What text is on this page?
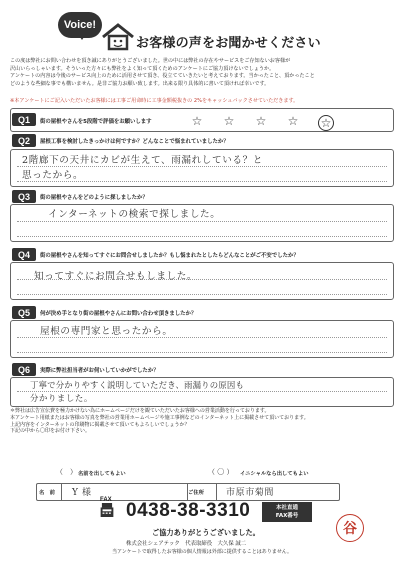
Voice!
お客様の声をお聞かせください
この度は弊社にお問い合わせを頂き誠にありがとうございました。世の中には弊社の存在やサービスをご存知ないお客様が
沢山いらっしゃいます。そういった方々にも弊社をよく知って頂くためのアンケートにご協力頂けないでしょうか。
アンケートの内容は今後のサービス向上のために活用させて頂き、役立てていきたいと考えております。当かったこと、頂かったこと
どのような些細な事でも構いません。是非ご協力お願い致します。出来る限り具体的に書いて頂ければ幸いです。
※本アンケートにご記入いただいたお客様には工事ご用命時に工事金額税抜きの 2%をキャッシュバックさせていただきます。
Q1	街の屋根やさんを5段階で評価をお願いします	☆ ☆ ☆ ☆ ☆
Q2	屋根工事を検討したきっかけは何ですか？どんなことで悩まれていましたか？
2階廊下の天井にカビが生えて、雨漏れしている？と
思ったから。
Q3	街の屋根やさんをどのように探しましたか？
インターネットの検索で探しました。
Q4	街の屋根やさんを知ってすぐにお問合せしましたか？もし悩まれたとしたらどんなことがご不安でしたか？
知ってすぐにお問合せもしました。
Q5	何が決め手となり街の屋根やさんにお問い合わせ頂きましたか？
屋根の専門家と思ったから。
Q6	実際に弊社担当者がお伺いしていかがでしたか？
丁寧で分かりやすく説明していただき、雨漏りの原因も
分かりました。
＊弊社は広告宣伝費を極力かけない為にホームページだけを観ていただいたお客様への営業活動を行っております。
本アンケート用紙またはお客様の写真を弊社の営業用ホームページや施工事例などのインターネット上に掲載させて頂いております。
上記内容をインターネットの印刷物に掲載させて頂いてもよろしいでしょうか？
下記の中から〇印をお付け下さい。
（　） 名前を出してもよい	（ 〇 ） イニシャルなら出してもよい
名　前 Y 様	ご住所 市原市菊間
FAX 0438-38-3310	本社直通
FAX番号
ご協力ありがとうございました。
株式会社シェアテック　代表取締役　大久保 誠二
当アンケートで取得したお客様の個人情報は外部に提供することはありません。
谷
